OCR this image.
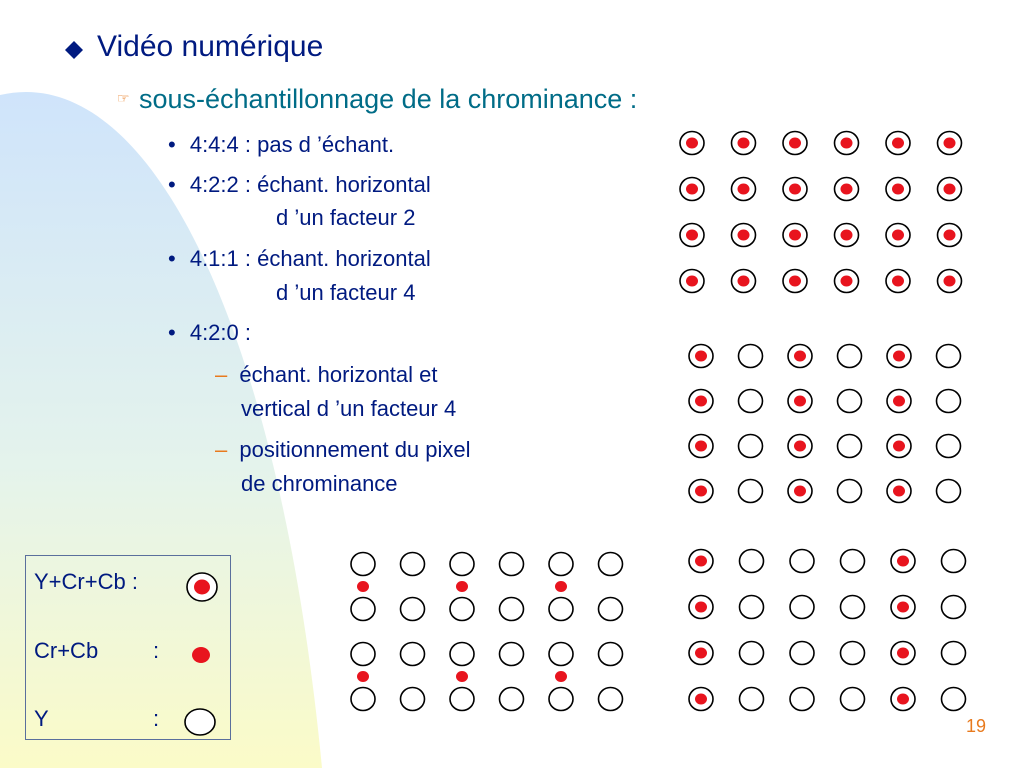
Vidéo numérique
☞ sous-échantillonnage de la chrominance :
• 4:4:4 : pas d ’échant.
• 4:2:2 : échant. horizontal
d ’un facteur 2
• 4:1:1 : échant. horizontal
d ’un facteur 4
• 4:2:0 :
– échant. horizontal et
vertical d ’un facteur 4
– positionnement du pixel
de chrominance
Y+Cr+Cb :
Cr+Cb :
Y	:	19
